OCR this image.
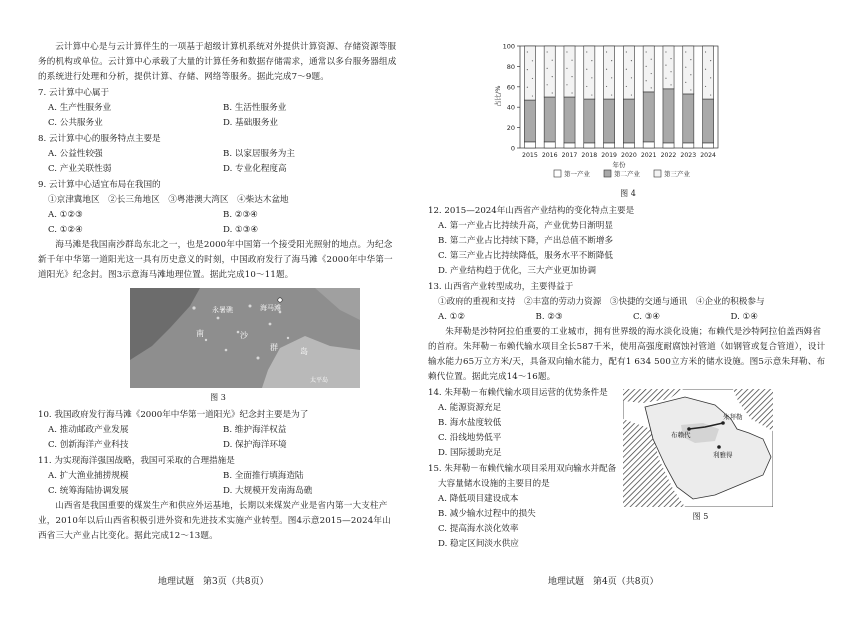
云计算中心是与云计算伴生的一项基于超级计算机系统对外提供计算资源、存储资源等服务的机构或单位。云计算中心承载了大量的计算任务和数据存储需求，通常以多台服务器组成的系统进行处理和分析，提供计算、存储、网络等服务。据此完成7～9题。

7. 云计算中心属于

A. 生产性服务业	B. 生活性服务业
C. 公共服务业	D. 基础服务业

8. 云计算中心的服务特点主要是

A. 公益性较强	B. 以家居服务为主
C. 产业关联性弱	D. 专业化程度高

9. 云计算中心适宜布局在我国的

①京津冀地区　②长三角地区　③粤港澳大湾区　④柴达木盆地

A. ①②③	B. ②③④
C. ①②④	D. ①③④

海马滩是我国南沙群岛东北之一，也是2000年中国第一个接受阳光照射的地点。为纪念新千年中华第一道阳光这一具有历史意义的时刻，中国政府发行了海马滩《2000年中华第一道阳光》纪念封。图3示意海马滩地理位置。据此完成10～11题。

永暑礁	海马滩
南	沙
群	岛
太平岛

图 3

10. 我国政府发行海马滩《2000年中华第一道阳光》纪念封主要是为了

A. 推动邮政产业发展	B. 维护海洋权益
C. 创新海洋产业科技	D. 保护海洋环境

11. 为实现海洋强国战略，我国可采取的合理措施是

A. 扩大渔业捕捞规模	B. 全面推行填海造陆
C. 统筹海陆协调发展	D. 大规模开发南海岛礁

山西省是我国重要的煤炭生产和供应外运基地，长期以来煤炭产业是省内第一大支柱产业，2010年以后山西省积极引进外资和先进技术实施产业转型。图4示意2015—2024年山西省三大产业占比变化。据此完成12～13题。

地理试题　第3页（共8页）

0
20
40
60
80
100
占比/%
2015 2016 2017 2018 2019 2020 2021 2022 2023 2024
年份
第一产业	第二产业	第三产业

图 4

12. 2015—2024年山西省产业结构的变化特点主要是

A. 第一产业占比持续升高，产业优势日渐明显
B. 第二产业占比持续下降，产出总值不断增多
C. 第三产业占比持续降低，服务水平不断降低
D. 产业结构趋于优化，三大产业更加协调

13. 山西省产业转型成功，主要得益于

①政府的重视和支持　②丰富的劳动力资源　③快捷的交通与通讯　④企业的积极参与

A. ①②	B. ②③	C. ③④	D. ①④

朱拜勒是沙特阿拉伯重要的工业城市，拥有世界级的海水淡化设施；布赖代是沙特阿拉伯盖西姆省的首府。朱拜勒－布赖代输水项目全长587千米，使用高强度耐腐蚀衬管道（如钢管或复合管道），设计输水能力65万立方米/天，具备双向输水能力，配有1 634 500立方米的储水设施。图5示意朱拜勒、布赖代位置。据此完成14～16题。

14. 朱拜勒－布赖代输水项目运营的优势条件是

A. 能源资源充足
B. 海水盐度较低
C. 沿线地势低平
D. 国际援助充足

15. 朱拜勒－布赖代输水项目采用双向输水并配备

大容量储水设施的主要目的是

A. 降低项目建设成本
B. 减少输水过程中的损失
C. 提高海水淡化效率
D. 稳定区间淡水供应
布赖代
朱拜勒
利雅得

图 5

地理试题　第4页（共8页）
